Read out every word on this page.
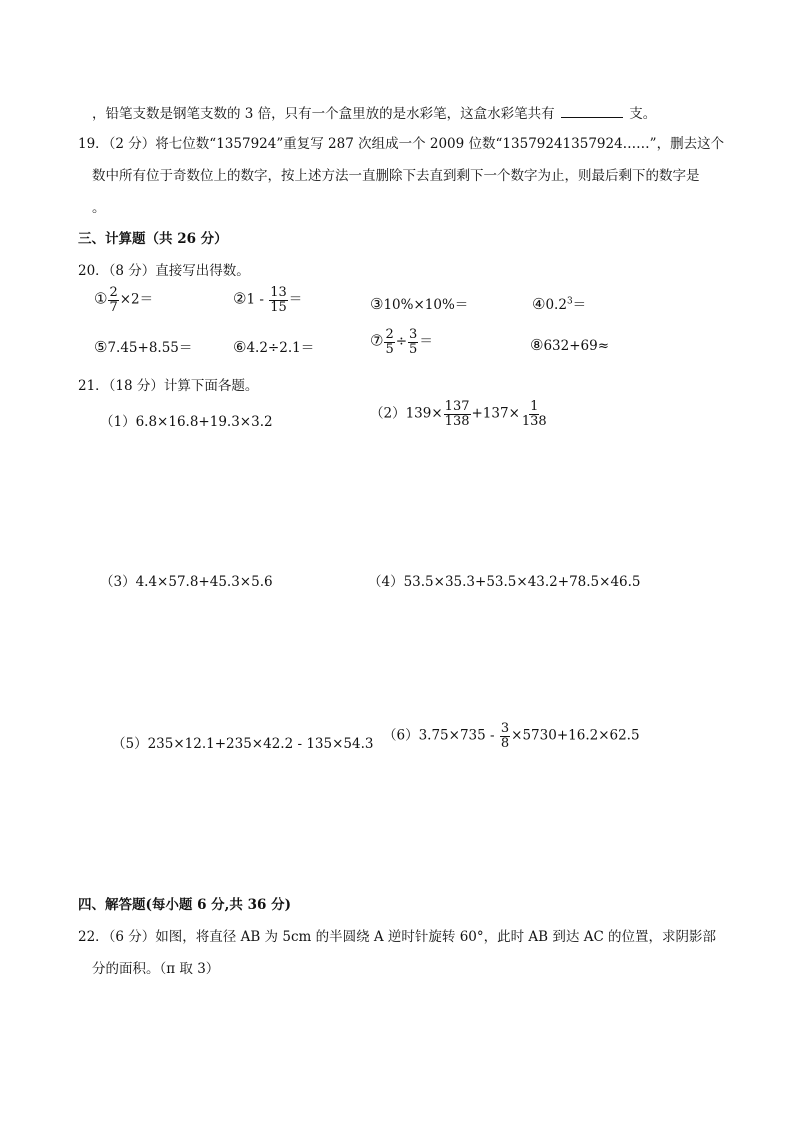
，铅笔支数是钢笔支数的 3 倍，只有一个盒里放的是水彩笔，这盒水彩笔共有	支。
19．（2 分）将七位数“1357924”重复写 287 次组成一个 2009 位数“13579241357924……”，删去这个
数中所有位于奇数位上的数字，按上述方法一直删除下去直到剩下一个数字为止，则最后剩下的数字是
。
三、计算题（共 26 分）
20．（8 分）直接写出得数。
① $\frac{2}{7} \times 2=$	②1 - $\frac{13}{15}$ ＝	③10%×10%＝	$④0.2^3=$
⑤7.45+8.55＝	⑥4.2÷2.1＝	⑦ $\frac{2}{5} \div \frac{3}{5}$ ＝	⑧632+69≈
21．（18 分）计算下面各题。
（1）6.8×16.8+19.3×3.2
$(2)139\times \frac{137}{138} +137\times \frac{1}{138}$
（3）4.4×57.8+45.3×5.6	（4）53.5×35.3+53.5×43.2+78.5×46.5
（5）235×12.1+235×42.2 - 135×54.3
$(6)3.75\times 735 - \frac{3}{8} \times 5730+16.2\times 62.5$
四、解答题(每小题 6 分,共 36 分)
22．（6 分）如图，将直径 AB 为 5cm 的半圆绕 A 逆时针旋转 60°，此时 AB 到达 AC 的位置，求阴影部
分的面积。（π 取 3）
